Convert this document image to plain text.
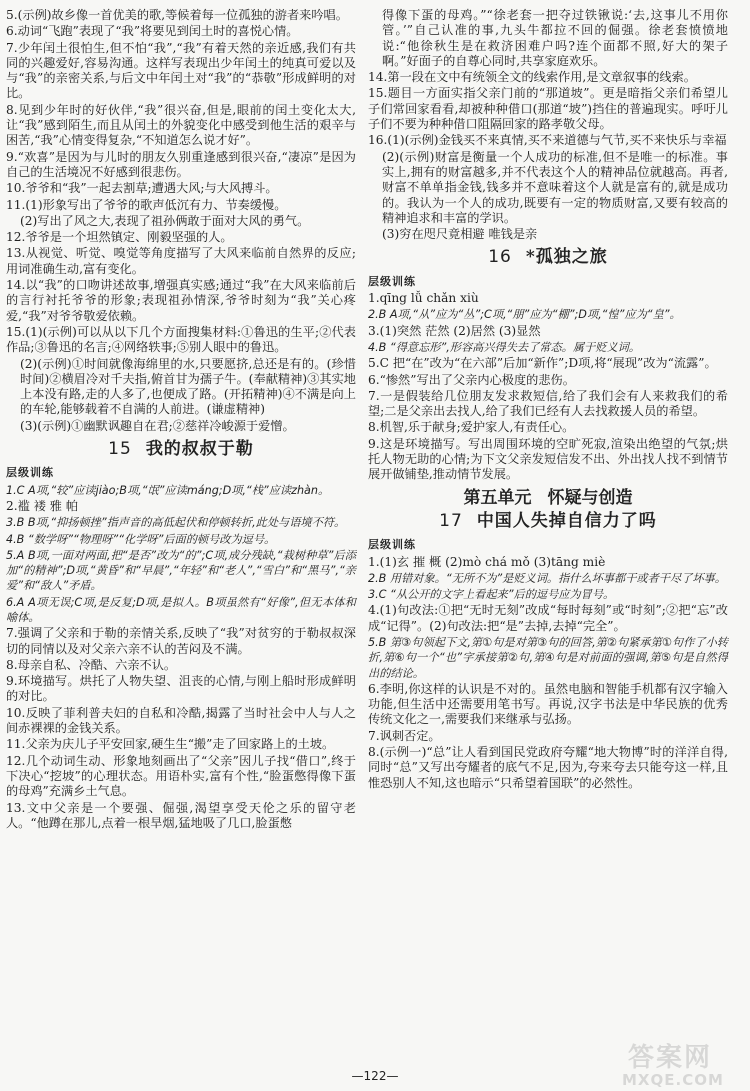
5.(示例)故乡像一首优美的歌,等候着每一位孤独的游者来吟唱。

6.动词“飞跑”表现了“我”将要见到闰土时的喜悦心情。

7.少年闰土很怕生,但不怕“我”,“我”有着天然的亲近感,我们有共同的兴趣爱好,容易沟通。这样写表现出少年闰土的纯真可爱以及与“我”的亲密关系,与后文中年闰土对“我”的“恭敬”形成鲜明的对比。

8.见到少年时的好伙伴,“我”很兴奋,但是,眼前的闰土变化太大,让“我”感到陌生,而且从闰土的外貌变化中感受到他生活的艰辛与困苦,“我”心情变得复杂,“不知道怎么说才好”。

9.“欢喜”是因为与儿时的朋友久别重逢感到很兴奋,“凄凉”是因为自己的生活境况不好感到很悲伤。

10.爷爷和“我”一起去割草;遭遇大风;与大风搏斗。

11.(1)形象写出了爷爷的歌声低沉有力、节奏缓慢。

(2)写出了风之大,表现了祖孙俩敢于面对大风的勇气。

12.爷爷是一个坦然镇定、刚毅坚强的人。

13.从视觉、听觉、嗅觉等角度描写了大风来临前自然界的反应;用词准确生动,富有变化。

14.以“我”的口吻讲述故事,增强真实感;通过“我”在大风来临前后的言行衬托爷爷的形象;表现祖孙情深,爷爷时刻为“我”关心疼爱,“我”对爷爷敬爱依赖。

15.(1)(示例)可以从以下几个方面搜集材料:①鲁迅的生平;②代表作品;③鲁迅的名言;④网络轶事;⑤别人眼中的鲁迅。

(2)(示例)①时间就像海绵里的水,只要愿挤,总还是有的。(珍惜时间)②横眉冷对千夫指,俯首甘为孺子牛。(奉献精神)③其实地上本没有路,走的人多了,也便成了路。(开拓精神)④不满是向上的车轮,能够载着不自满的人前进。(谦虚精神)

(3)(示例)①幽默讽趣自在君;②慈祥冷峻源于爱憎。

15 我的叔叔于勒
层级训练

1.C A项,“较”应读jiào;B项,“氓”应读máng;D项,“栈”应读zhàn。

2.褴 褛 雅 帕

3.B B项,“抑扬顿挫”指声音的高低起伏和停顿转折,此处与语境不符。

4.B “数学呀”“物理呀”“化学呀”后面的顿号改为逗号。

5.A B项,一面对两面,把“是否”改为“的”;C项,成分残缺,“栽树种草”后添加“的精神”;D项,“黄昏”和“早晨”,“年轻”和“老人”,“雪白”和“黑马”,“亲爱”和“敌人”矛盾。

6.A A项无误;C项,是反复;D项,是拟人。B项虽然有“好像”,但无本体和喻体。

7.强调了父亲和于勒的亲情关系,反映了“我”对贫穷的于勒叔叔深切的同情以及对父亲六亲不认的苦闷及不满。

8.母亲自私、冷酷、六亲不认。

9.环境描写。烘托了人物失望、沮丧的心情,与刚上船时形成鲜明的对比。

10.反映了菲利普夫妇的自私和冷酷,揭露了当时社会中人与人之间赤裸裸的金钱关系。

11.父亲为庆儿子平安回家,硬生生“搬”走了回家路上的土坡。

12.几个动词生动、形象地刻画出了“父亲”因儿子找“借口”,终于下决心“挖坡”的心理状态。用语朴实,富有个性,“脸蛋憋得像下蛋的母鸡”充满乡土气息。

13.文中父亲是一个要强、倔强,渴望享受天伦之乐的留守老人。“他蹲在那儿,点着一根旱烟,猛地吸了几口,脸蛋憋

得像下蛋的母鸡。”“徐老套一把夺过铁锹说:‘去,这事儿不用你管。’”自己认准的事,九头牛都拉不回的倔强。徐老套愤愤地说:“他徐秋生是在救济困难户吗?连个面都不照,好大的架子啊。”好面子的自尊心同时,共享家庭欢乐。

14.第一段在文中有统领全文的线索作用,是文章叙事的线索。

15.题目一方面实指父亲门前的“那道坡”。更是暗指父亲们希望儿子们常回家看看,却被种种借口(那道“坡”)挡住的普遍现实。呼吁儿子们不要为种种借口阻隔回家的路孝敬父母。

16.(1)(示例)金钱买不来真情,买不来道德与气节,买不来快乐与幸福

(2)(示例)财富是衡量一个人成功的标准,但不是唯一的标准。事实上,拥有的财富越多,并不代表这个人的精神品位就越高。再者,财富不单单指金钱,钱多并不意味着这个人就是富有的,就是成功的。我认为一个人的成功,既要有一定的物质财富,又要有较高的精神追求和丰富的学识。

(3)穷在咫尺竟相避 唯钱是亲

16 *孤独之旅
层级训练

1.qīng lǚ chǎn xiù

2.B A项,“从”应为“丛”;C项,“朋”应为“棚”;D项,“惶”应为“皇”。

3.(1)突然 茫然 (2)居然 (3)显然

4.B “得意忘形”,形容高兴得失去了常态。属于贬义词。

5.C 把“在”改为“在六部”后加“新作”;D项,将“展现”改为“流露”。

6.“惨然”写出了父亲内心极度的悲伤。

7.一是假装给几位朋友发求救短信,给了我们会有人来救我们的希望;二是父亲出去找人,给了我们已经有人去找救援人员的希望。

8.机智,乐于献身;爱护家人,有责任心。

9.这是环境描写。写出周围环境的空旷死寂,渲染出绝望的气氛;烘托人物无助的心情;为下文父亲发短信发不出、外出找人找不到情节展开做铺垫,推动情节发展。

第五单元 怀疑与创造
17 中国人失掉自信力了吗
层级训练

1.(1)玄 摧 概 (2)mò chá mǒ (3)tāng miè

2.B 用错对象。“无所不为”是贬义词。指什么坏事都干或者干尽了坏事。

3.C “从公开的文字上看起来”后的逗号应为冒号。

4.(1)句改法:①把“无时无刻”改成“每时每刻”或“时刻”;②把“忘”改成“记得”。(2)句改法:把“是”去掉,去掉“完全”。

5.B 第③句领起下文,第①句是对第③句的回答,第②句紧承第①句作了小转折,第⑥句一个“也”字承接第②句,第④句是对前面的强调,第⑤句是自然得出的结论。

6.李明,你这样的认识是不对的。虽然电脑和智能手机都有汉字输入功能,但生活中还需要用笔书写。再说,汉字书法是中华民族的优秀传统文化之一,需要我们来继承与弘扬。

7.讽刺否定。

8.(示例一)“总”让人看到国民党政府夸耀“地大物博”时的洋洋自得,同时“总”又写出夸耀者的底气不足,因为,夸来夸去只能夸这一样,且惟恐别人不知,这也暗示“只希望着国联”的必然性。

—122—
答案网
MXQE.COM
